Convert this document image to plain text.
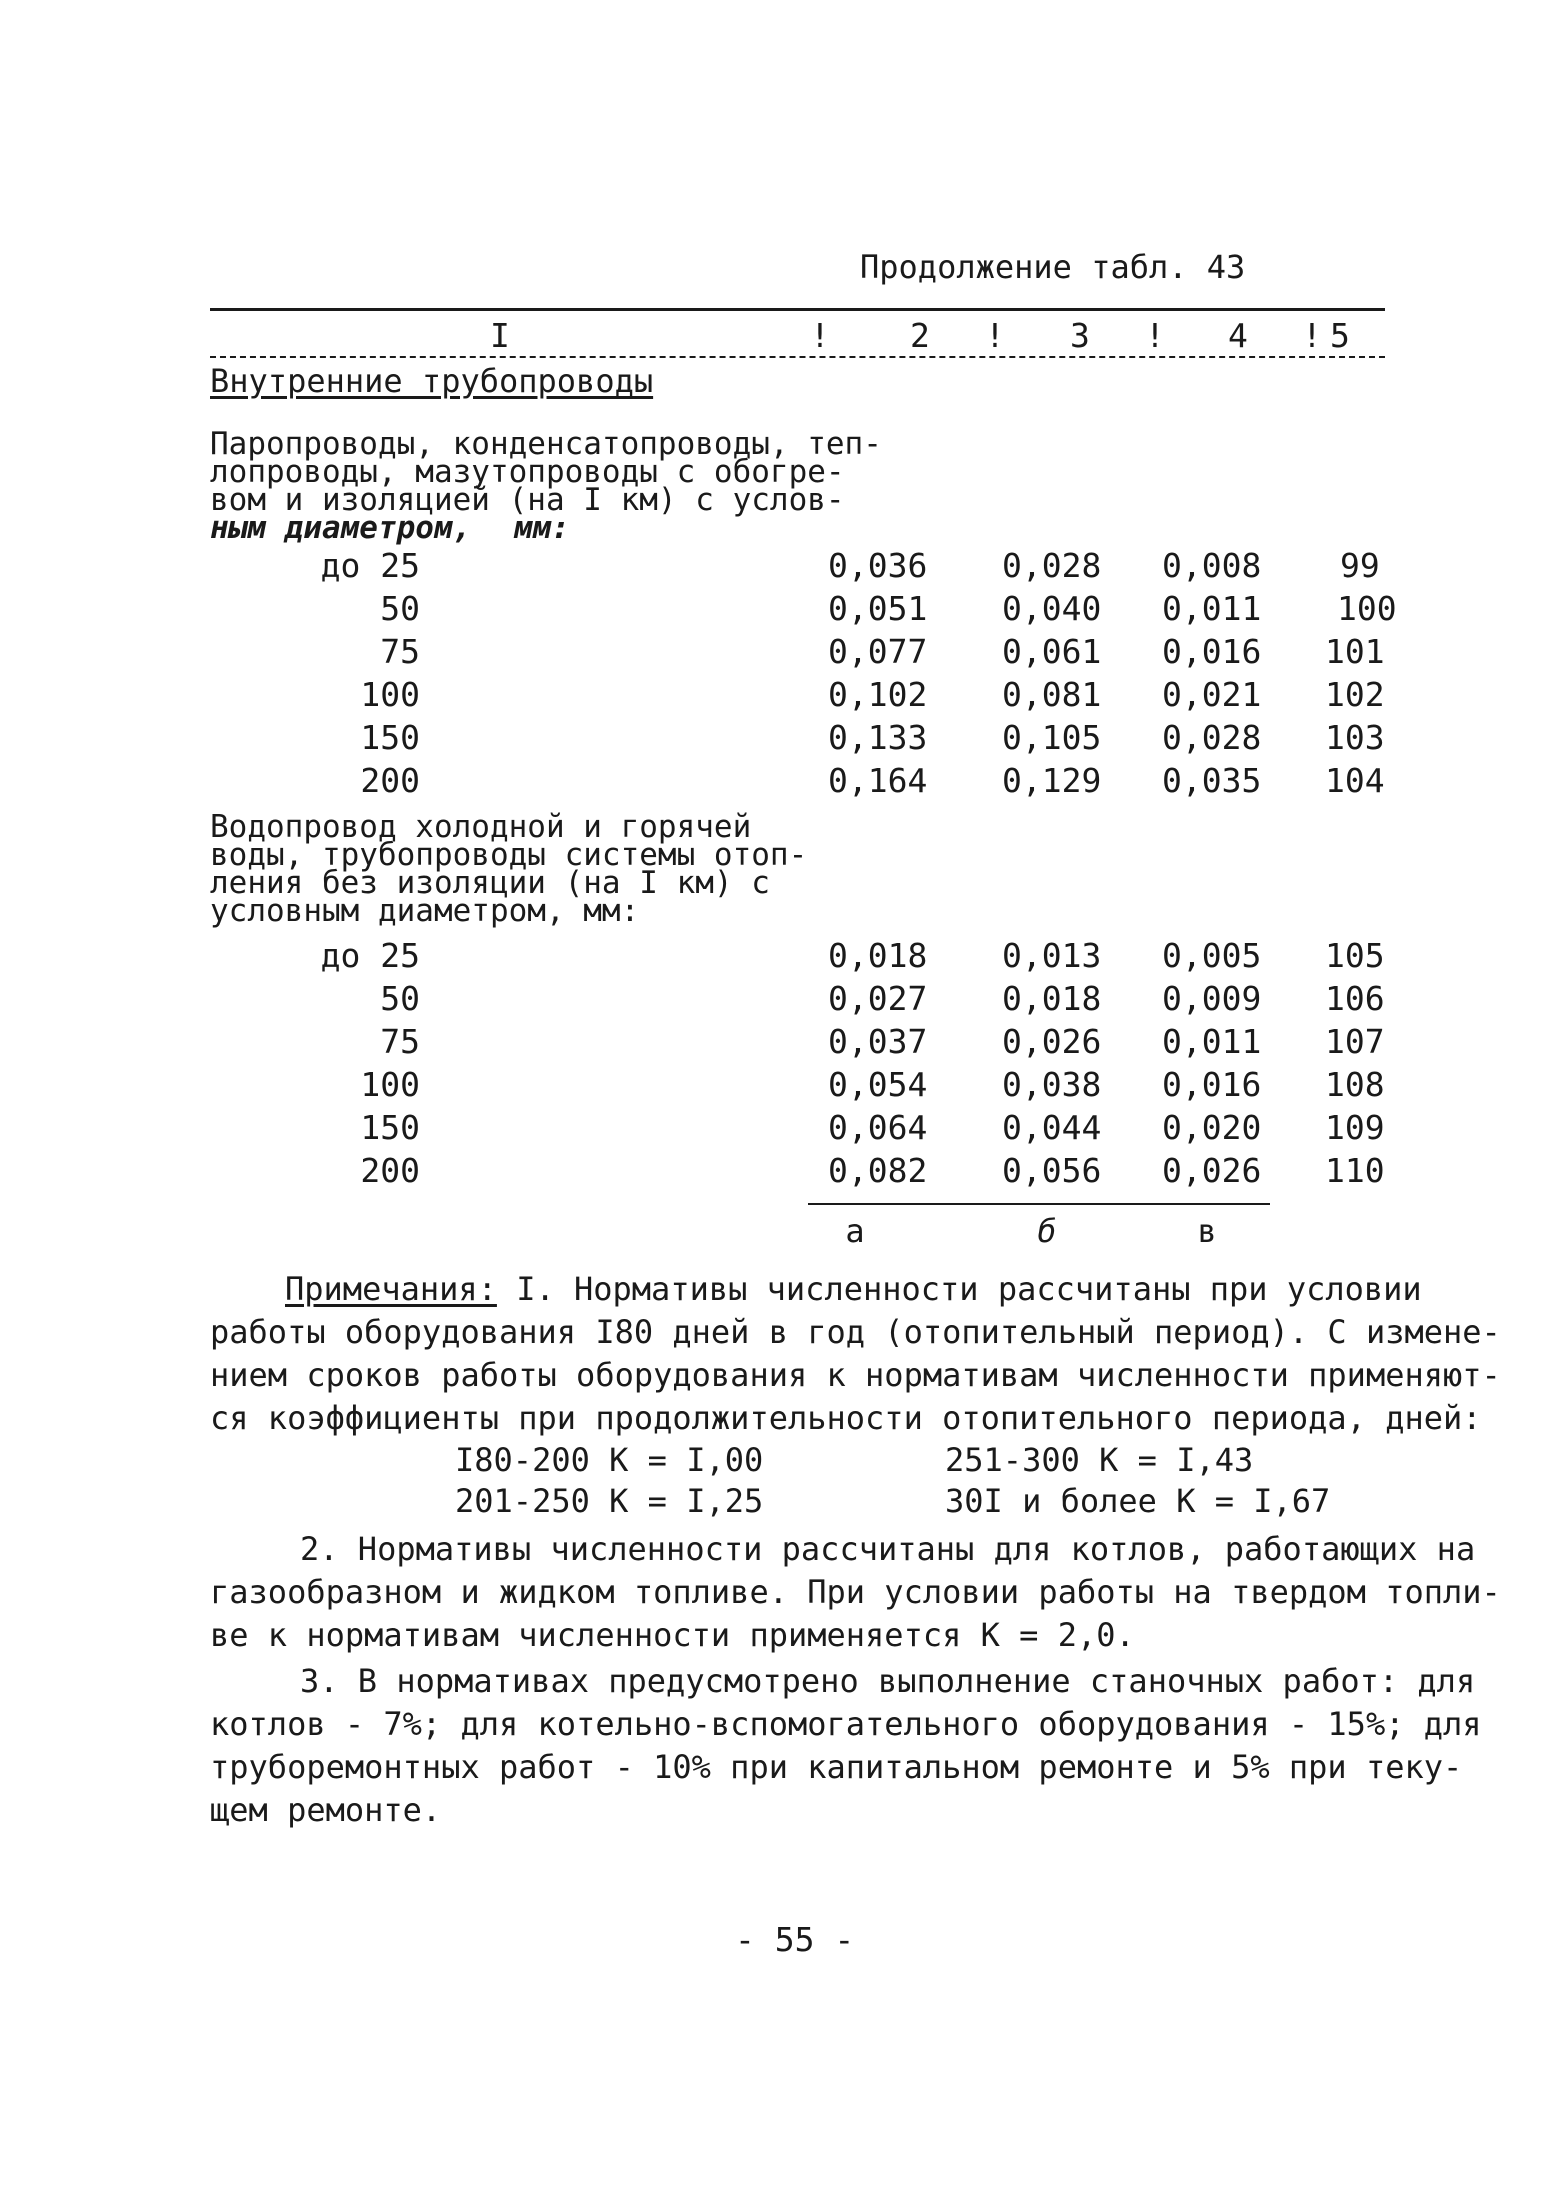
Продолжение табл. 43
I	! 2 ! 3 ! 4 ! 5
Внутренние трубопроводы
Паропроводы, конденсатопроводы, теп-
лопроводы, мазутопроводы с обогре-
вом и изоляцией (на I км) с услов-
ным диаметром, мм:
до 25	0,036 0,028 0,008 99
50	0,051 0,040 0,011 100
75	0,077 0,061 0,016 101
100	0,102 0,081 0,021 102
150	0,133 0,105 0,028 103
200	0,164 0,129 0,035 104
Водопровод холодной и горячей
воды, трубопроводы системы отоп-
ления без изоляции (на I км) с
условным диаметром, мм:
до 25	0,018 0,013 0,005 105
50	0,027 0,018 0,009 106
75	0,037 0,026 0,011 107
100	0,054 0,038 0,016 108
150	0,064 0,044 0,020 109
200	0,082 0,056 0,026 110
а	б	в
Примечания: I. Нормативы численности рассчитаны при условии
работы оборудования I80 дней в год (отопительный период). С измене-
нием сроков работы оборудования к нормативам численности применяют-
ся коэффициенты при продолжительности отопительного периода, дней:
I80-200 К = I,00	251-300 К = I,43
201-250 К = I,25	30I и более К = I,67
2. Нормативы численности рассчитаны для котлов, работающих на
газообразном и жидком топливе. При условии работы на твердом топли-
ве к нормативам численности применяется К = 2,0.
3. В нормативах предусмотрено выполнение станочных работ: для
котлов - 7%; для котельно-вспомогательного оборудования - 15%; для
труборемонтных работ - 10% при капитальном ремонте и 5% при теку-
щем ремонте.
- 55 -
